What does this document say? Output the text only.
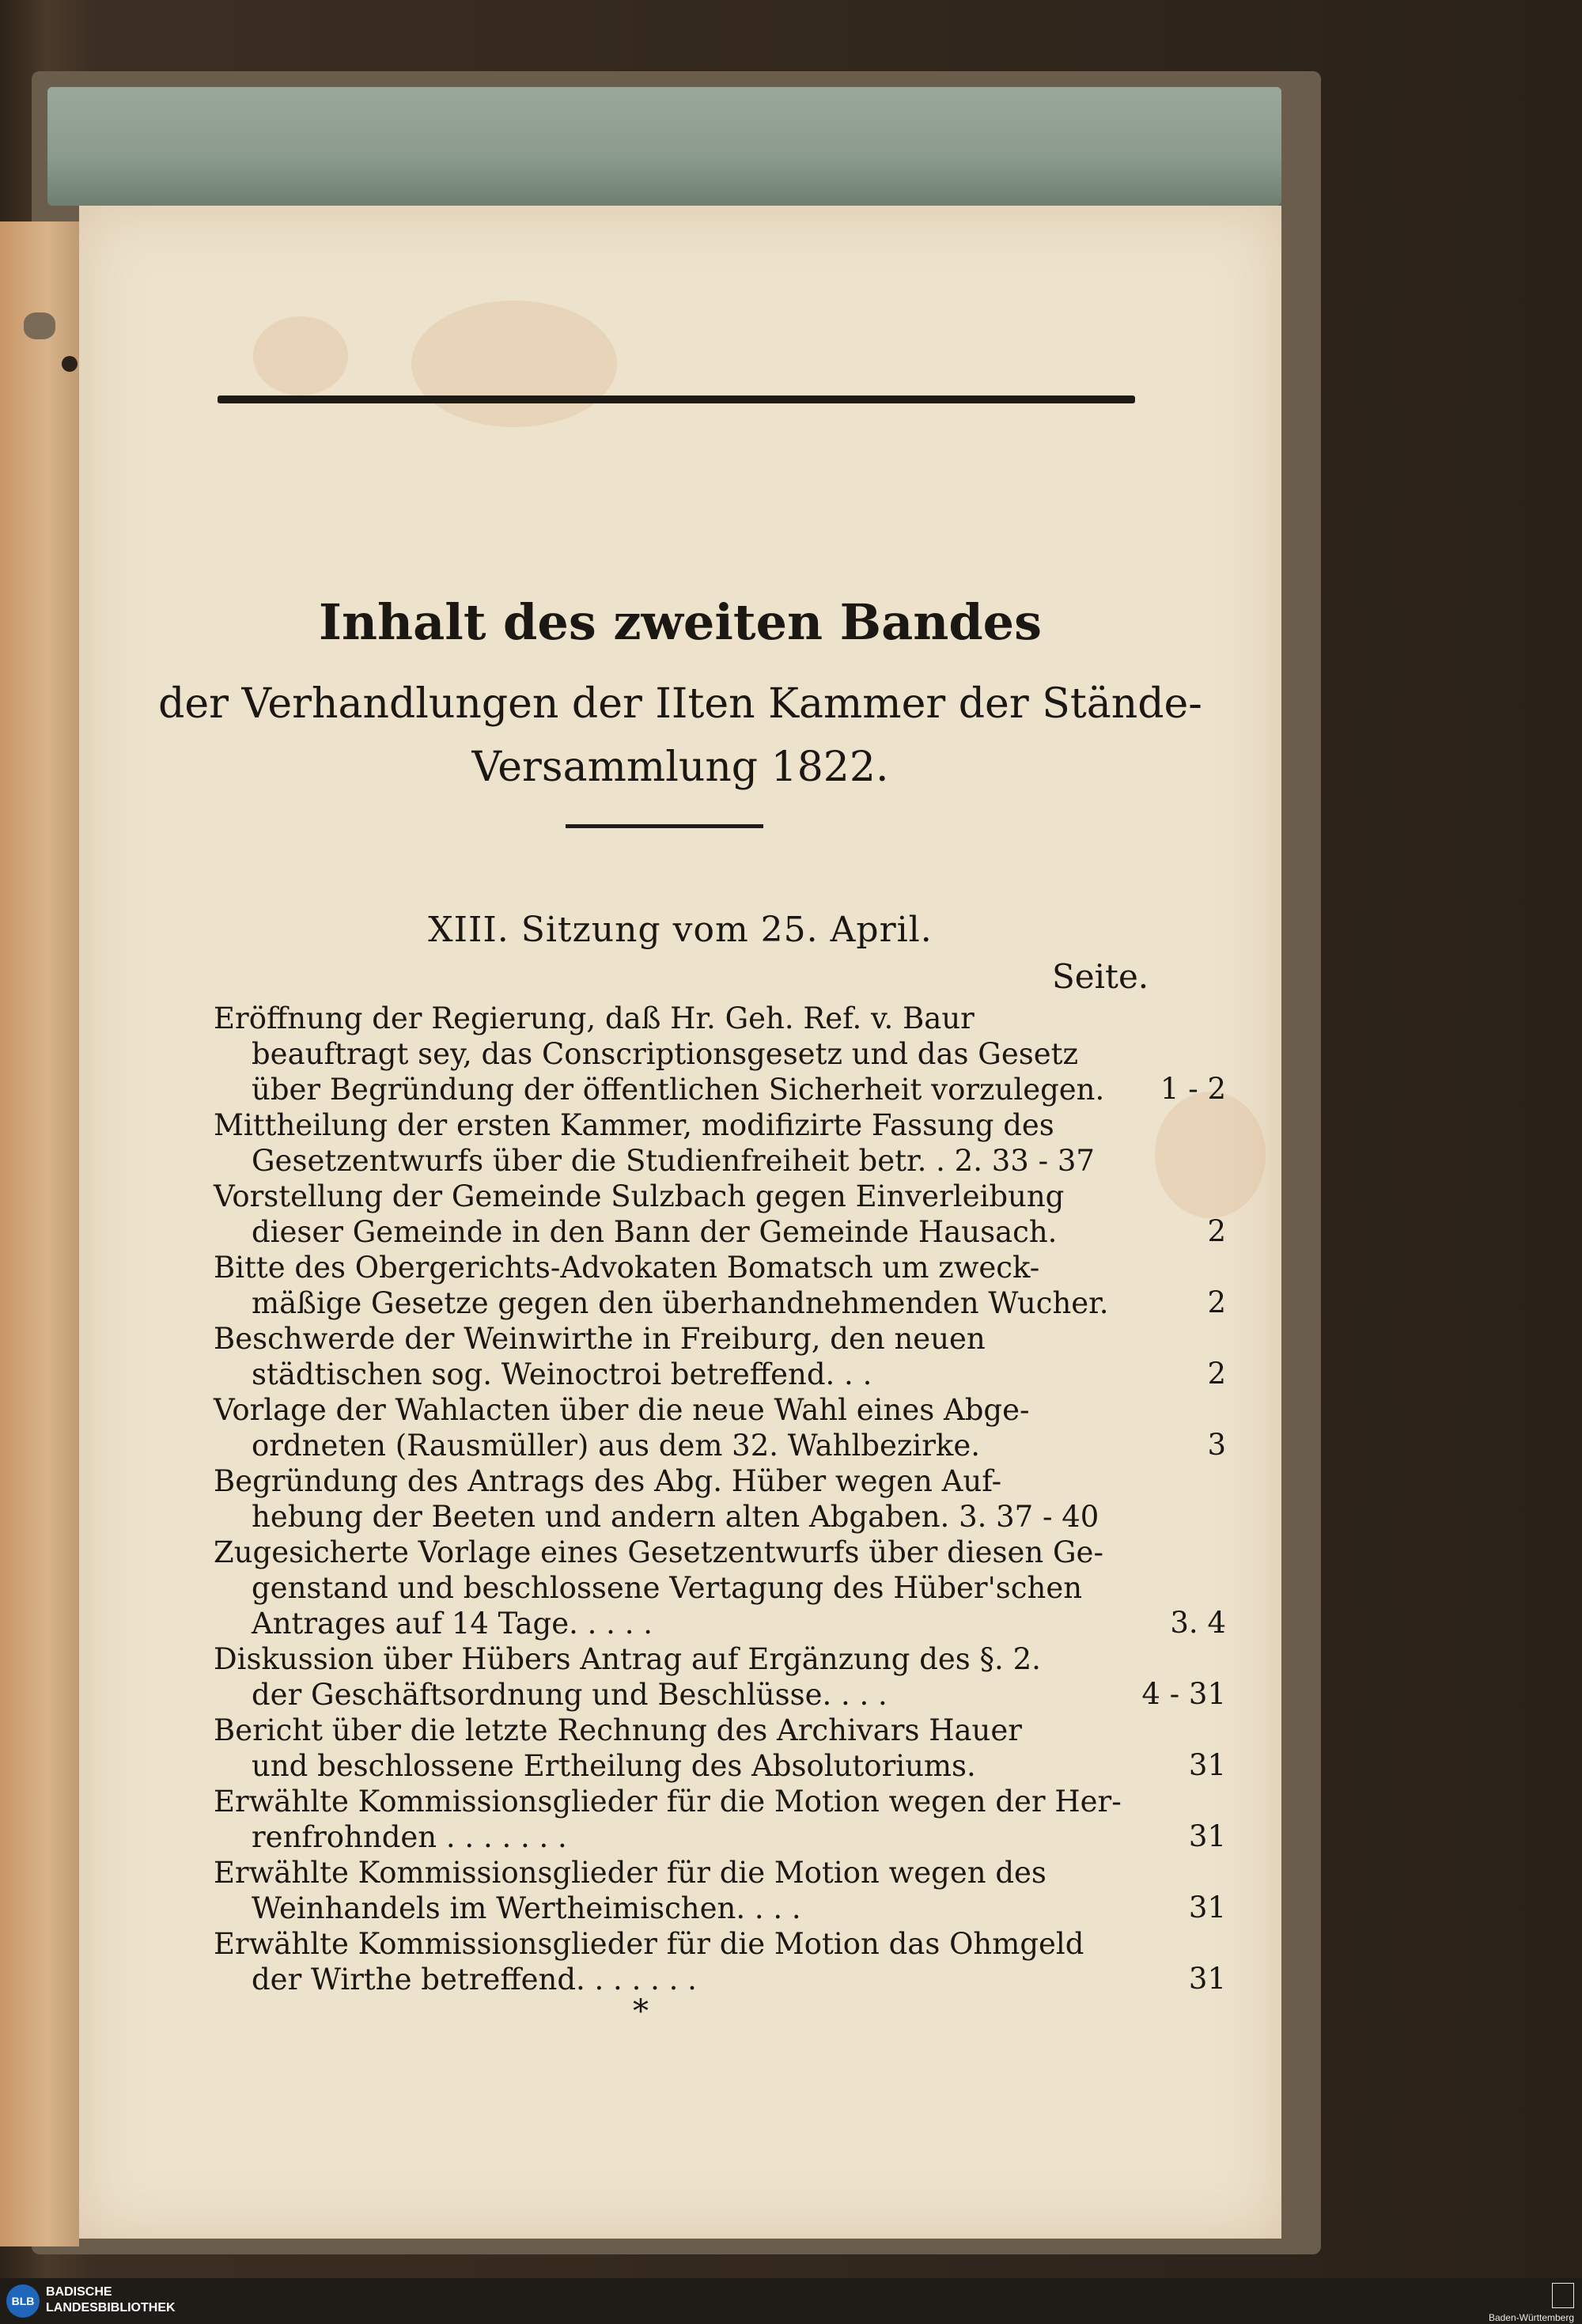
Inhalt des zweiten Bandes
der Verhandlungen der IIten Kammer der Stände-
Versammlung 1822.
XIII. Sitzung vom 25. April.
Seite.
Eröffnung der Regierung, daß Hr. Geh. Ref. v. Baur
beauftragt sey, das Conscriptionsgesetz und das Gesetz
über Begründung der öffentlichen Sicherheit vorzulegen.	1 - 2
Mittheilung der ersten Kammer, modifizirte Fassung des
Gesetzentwurfs über die Studienfreiheit betr. . 2. 33 - 37
Vorstellung der Gemeinde Sulzbach gegen Einverleibung
dieser Gemeinde in den Bann der Gemeinde Hausach.	2
Bitte des Obergerichts-Advokaten Bomatsch um zweck-
mäßige Gesetze gegen den überhandnehmenden Wucher.	2
Beschwerde der Weinwirthe in Freiburg, den neuen
städtischen sog. Weinoctroi betreffend. . .	2
Vorlage der Wahlacten über die neue Wahl eines Abge-
ordneten (Rausmüller) aus dem 32. Wahlbezirke.	3
Begründung des Antrags des Abg. Hüber wegen Auf-
hebung der Beeten und andern alten Abgaben. 3. 37 - 40
Zugesicherte Vorlage eines Gesetzentwurfs über diesen Ge-
genstand und beschlossene Vertagung des Hüber'schen
Antrages auf 14 Tage. . . . .	3. 4
Diskussion über Hübers Antrag auf Ergänzung des §. 2.
der Geschäftsordnung und Beschlüsse. . . .	4 - 31
Bericht über die letzte Rechnung des Archivars Hauer
und beschlossene Ertheilung des Absolutoriums.	31
Erwählte Kommissionsglieder für die Motion wegen der Her-
renfrohnden . . . . . . .	31
Erwählte Kommissionsglieder für die Motion wegen des
Weinhandels im Wertheimischen. . . .	31
Erwählte Kommissionsglieder für die Motion das Ohmgeld
der Wirthe betreffend. . . . . . .	31
*
BLB
BADISCHE
LANDESBIBLIOTHEK
Baden-Württemberg
